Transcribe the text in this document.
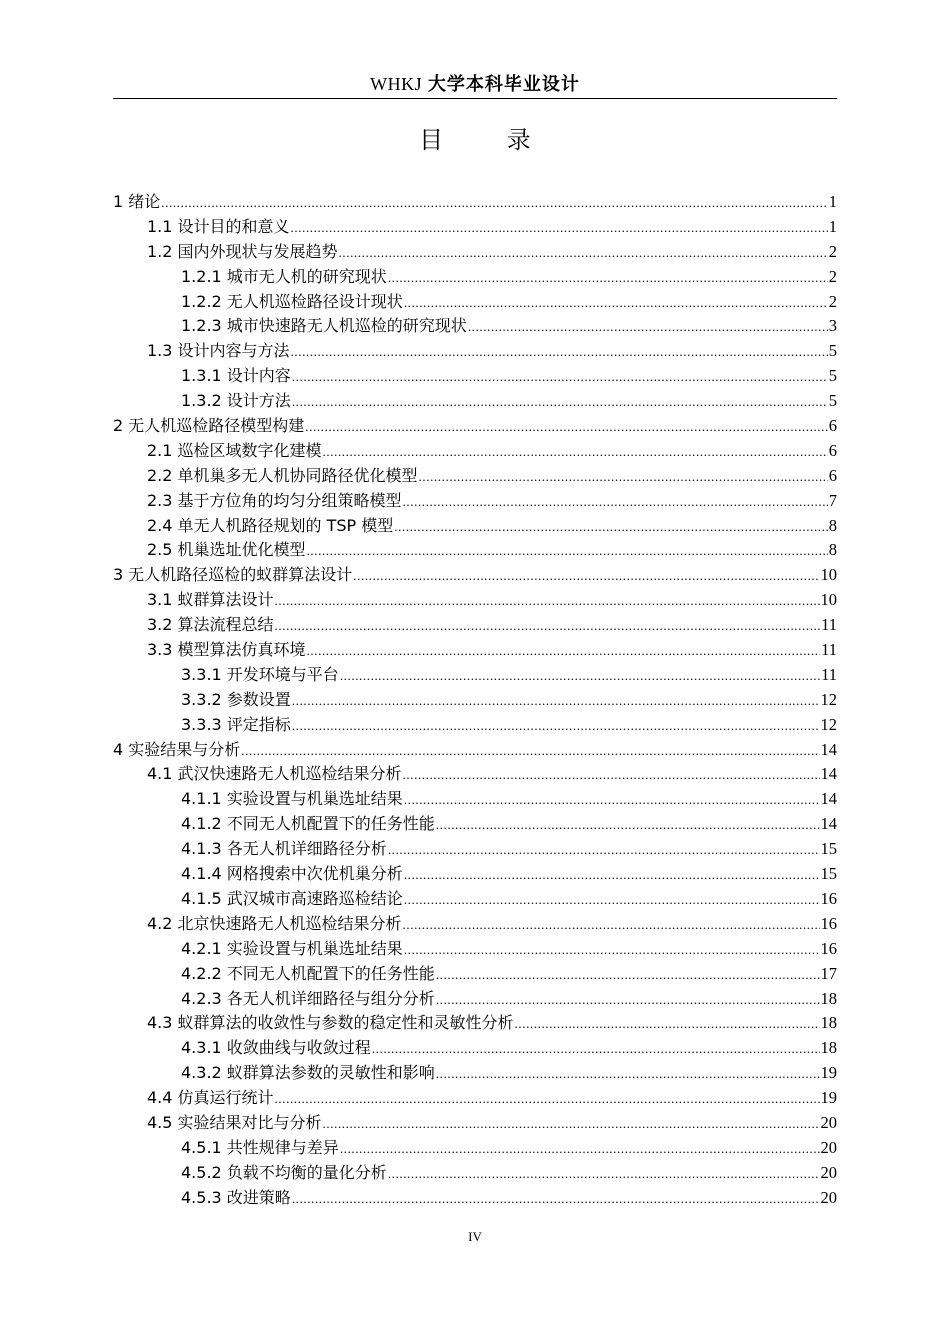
WHKJ 大学本科毕业设计
目 录
1 绪论 .....	1
1.1 设计目的和意义 .....	1
1.2 国内外现状与发展趋势 .....	2
1.2.1 城市无人机的研究现状 .....	2
1.2.2 无人机巡检路径设计现状 .....	2
1.2.3 城市快速路无人机巡检的研究现状 .....	3
1.3 设计内容与方法 .....	5
1.3.1 设计内容 .....	5
1.3.2 设计方法 .....	5
2 无人机巡检路径模型构建 .....	6
2.1 巡检区域数字化建模 .....	6
2.2 单机巢多无人机协同路径优化模型 .....	6
2.3 基于方位角的均匀分组策略模型 .....	7
2.4 单无人机路径规划的 TSP 模型 .....	8
2.5 机巢选址优化模型 .....	8
3 无人机路径巡检的蚁群算法设计 .....	10
3.1 蚁群算法设计 .....	10
3.2 算法流程总结 .....	11
3.3 模型算法仿真环境 .....	11
3.3.1 开发环境与平台 .....	11
3.3.2 参数设置 .....	12
3.3.3 评定指标 .....	12
4 实验结果与分析 .....	14
4.1 武汉快速路无人机巡检结果分析 .....	14
4.1.1 实验设置与机巢选址结果 .....	14
4.1.2 不同无人机配置下的任务性能 .....	14
4.1.3 各无人机详细路径分析 .....	15
4.1.4 网格搜索中次优机巢分析 .....	15
4.1.5 武汉城市高速路巡检结论 .....	16
4.2 北京快速路无人机巡检结果分析 .....	16
4.2.1 实验设置与机巢选址结果 .....	16
4.2.2 不同无人机配置下的任务性能 .....	17
4.2.3 各无人机详细路径与组分分析 .....	18
4.3 蚁群算法的收敛性与参数的稳定性和灵敏性分析 .....	18
4.3.1 收敛曲线与收敛过程 .....	18
4.3.2 蚁群算法参数的灵敏性和影响 .....	19
4.4 仿真运行统计 .....	19
4.5 实验结果对比与分析 .....	20
4.5.1 共性规律与差异 .....	20
4.5.2 负载不均衡的量化分析 .....	20
4.5.3 改进策略 .....	20
IV
